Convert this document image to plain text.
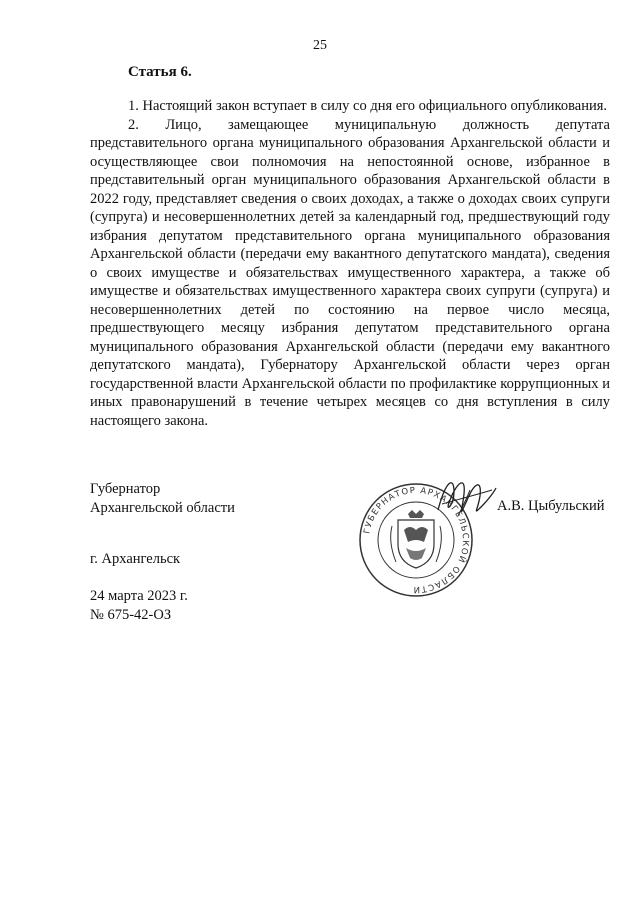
25
Статья 6.

1. Настоящий закон вступает в силу со дня его официального опубликования.

2. Лицо, замещающее муниципальную должность депутата представительного органа муниципального образования Архангельской области и осуществляющее свои полномочия на непостоянной основе, избранное в представительный орган муниципального образования Архангельской области в 2022 году, представляет сведения о своих доходах, а также о доходах своих супруги (супруга) и несовершеннолетних детей за календарный год, предшествующий году избрания депутатом представительного органа муниципального образования Архангельской области (передачи ему вакантного депутатского мандата), сведения о своих имуществе и обязательствах имущественного характера, а также об имуществе и обязательствах имущественного характера своих супруги (супруга) и несовершеннолетних детей по состоянию на первое число месяца, предшествующего месяцу избрания депутатом представительного органа муниципального образования Архангельской области (передачи ему вакантного депутатского мандата), Губернатору Архангельской области через орган государственной власти Архангельской области по профилактике коррупционных и иных правонарушений в течение четырех месяцев со дня вступления в силу настоящего закона.

Губернатор
Архангельской области
ГУБЕРНАТОР АРХАНГЕЛЬСКОЙ ОБЛАСТИ
А.В. Цыбульский
г. Архангельск
24 марта 2023 г.
№ 675-42-ОЗ
